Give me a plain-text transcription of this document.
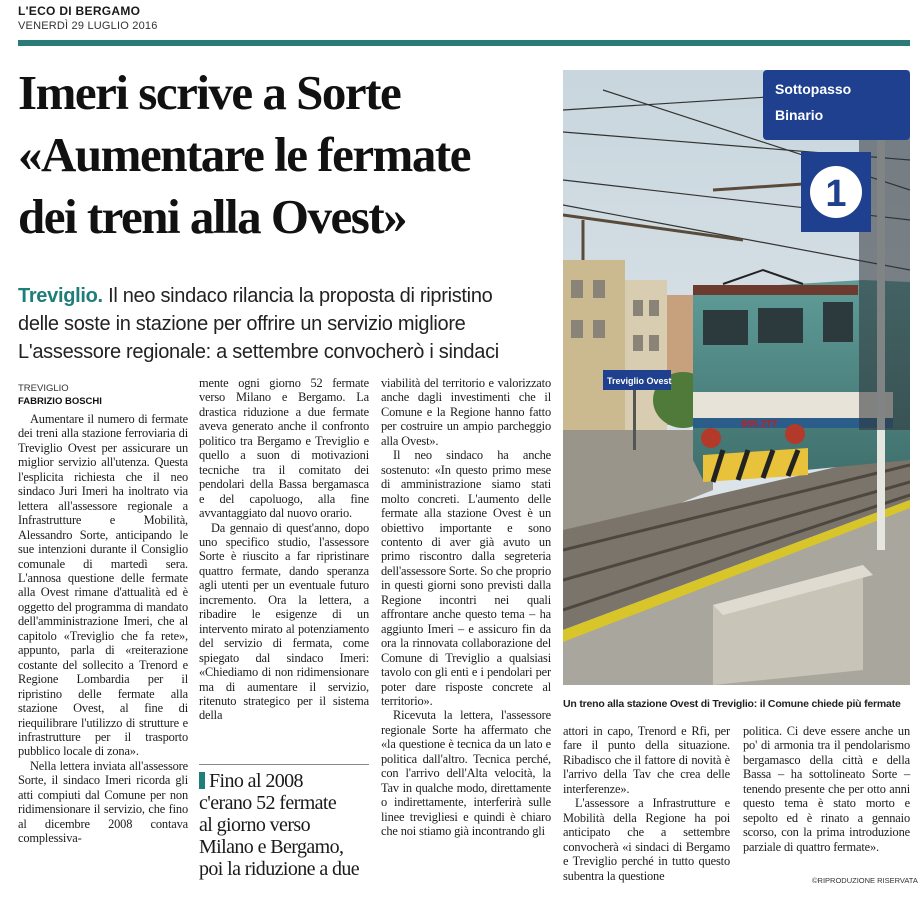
L'ECO DI BERGAMO
VENERDÌ 29 LUGLIO 2016
Imeri scrive a Sorte
«Aumentare le fermate
dei treni alla Ovest»
Treviglio. Il neo sindaco rilancia la proposta di ripristino
delle soste in stazione per offrire un servizio migliore
L'assessore regionale: a settembre convocherò i sindaci
655 277
Sottopasso
Binario
1
Treviglio Ovest
Un treno alla stazione Ovest di Treviglio: il Comune chiede più fermate
TREVIGLIO
FABRIZIO BOSCHI

Aumentare il numero di fermate dei treni alla stazione ferroviaria di Treviglio Ovest per assicurare un miglior servizio all'utenza. Questa l'esplicita richiesta che il neo sindaco Juri Imeri ha inoltrato via lettera all'assessore regionale a Infrastrutture e Mobilità, Alessandro Sorte, anticipando le sue intenzioni durante il Consiglio comunale di martedì sera. L'annosa questione delle fermate alla Ovest rimane d'attualità ed è oggetto del programma di mandato dell'amministrazione Imeri, che al capitolo «Treviglio che fa rete», appunto, parla di «reiterazione costante del sollecito a Trenord e Regione Lombardia per il ripristino delle fermate alla stazione Ovest, al fine di riequilibrare l'utilizzo di strutture e infrastrutture per il trasporto pubblico locale di zona».

Nella lettera inviata all'assessore Sorte, il sindaco Imeri ricorda gli atti compiuti dal Comune per non ridimensionare il servizio, che fino al dicembre 2008 contava complessiva-

mente ogni giorno 52 fermate verso Milano e Bergamo. La drastica riduzione a due fermate aveva generato anche il confronto politico tra Bergamo e Treviglio e quello a suon di motivazioni tecniche tra il comitato dei pendolari della Bassa bergamasca e del capoluogo, alla fine avvantaggiato dal nuovo orario.

Da gennaio di quest'anno, dopo uno specifico studio, l'assessore Sorte è riuscito a far ripristinare quattro fermate, dando speranza agli utenti per un eventuale futuro incremento. Ora la lettera, a ribadire le esigenze di un intervento mirato al potenziamento del servizio di fermata, come spiegato dal sindaco Imeri: «Chiediamo di non ridimensionare ma di aumentare il servizio, ritenuto strategico per il sistema della

Fino al 2008
c'erano 52 fermate
al giorno verso
Milano e Bergamo,
poi la riduzione a due

viabilità del territorio e valorizzato anche dagli investimenti che il Comune e la Regione hanno fatto per costruire un ampio parcheggio alla Ovest».

Il neo sindaco ha anche sostenuto: «In questo primo mese di amministrazione siamo stati molto concreti. L'aumento delle fermate alla stazione Ovest è un obiettivo importante e sono contento di aver già avuto un primo riscontro dalla segreteria dell'assessore Sorte. So che proprio in questi giorni sono previsti dalla Regione incontri nei quali affrontare anche questo tema – ha aggiunto Imeri – e assicuro fin da ora la rinnovata collaborazione del Comune di Treviglio a qualsiasi tavolo con gli enti e i pendolari per poter dare risposte concrete al territorio».

Ricevuta la lettera, l'assessore regionale Sorte ha affermato che «la questione è tecnica da un lato e politica dall'altro. Tecnica perché, con l'arrivo dell'Alta velocità, la Tav in qualche modo, direttamente o indirettamente, interferirà sulle linee trevigliesi e quindi è chiaro che noi stiamo già incontrando gli

attori in capo, Trenord e Rfi, per fare il punto della situazione. Ribadisco che il fattore di novità è l'arrivo della Tav che crea delle interferenze».

L'assessore a Infrastrutture e Mobilità della Regione ha poi anticipato che a settembre convocherà «i sindaci di Bergamo e Treviglio perché in tutto questo subentra la questione

politica. Ci deve essere anche un po' di armonia tra il pendolarismo bergamasco della città e della Bassa – ha sottolineato Sorte – tenendo presente che per otto anni questo tema è stato morto e sepolto ed è rinato a gennaio scorso, con la prima introduzione parziale di quattro fermate».

©RIPRODUZIONE RISERVATA
